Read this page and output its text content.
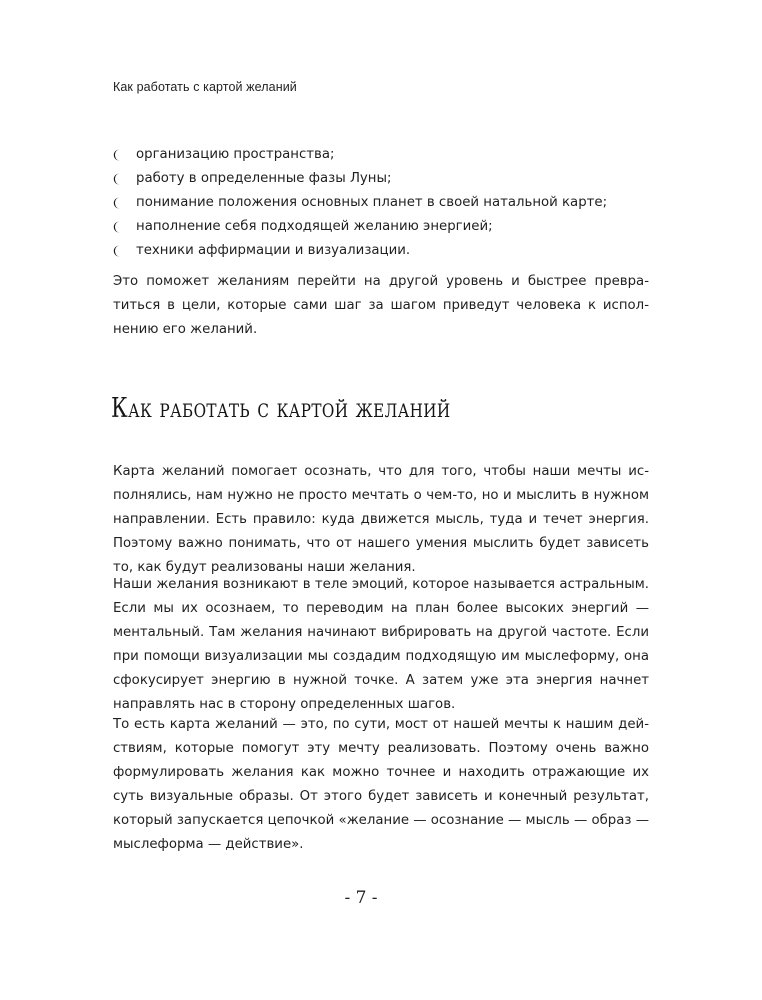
Как работать с картой желаний
организацию пространства;
работу в определенные фазы Луны;
понимание положения основных планет в своей натальной карте;
наполнение себя подходящей желанию энергией;
техники аффирмации и визуализации.

Это поможет желаниям перейти на другой уровень и быстрее превратиться в цели, которые сами шаг за шагом приведут человека к исполнению его желаний.

Как работать с картой желаний

Карта желаний помогает осознать, что для того, чтобы наши мечты исполнялись, нам нужно не просто мечтать о чем-то, но и мыслить в нужном направлении. Есть правило: куда движется мысль, туда и течет энергия. Поэтому важно понимать, что от нашего умения мыслить будет зависеть то, как будут реализованы наши желания.

Наши желания возникают в теле эмоций, которое называется астральным. Если мы их осознаем, то переводим на план более высоких энергий — ментальный. Там желания начинают вибрировать на другой частоте. Если при помощи визуализации мы создадим подходящую им мыслеформу, она сфокусирует энергию в нужной точке. А затем уже эта энергия начнет направлять нас в сторону определенных шагов.

То есть карта желаний — это, по сути, мост от нашей мечты к нашим действиям, которые помогут эту мечту реализовать. Поэтому очень важно формулировать желания как можно точнее и находить отражающие их суть визуальные образы. От этого будет зависеть и конечный результат, который запускается цепочкой «желание — осознание — мысль — образ — мыслеформа — действие».

- 7 -
